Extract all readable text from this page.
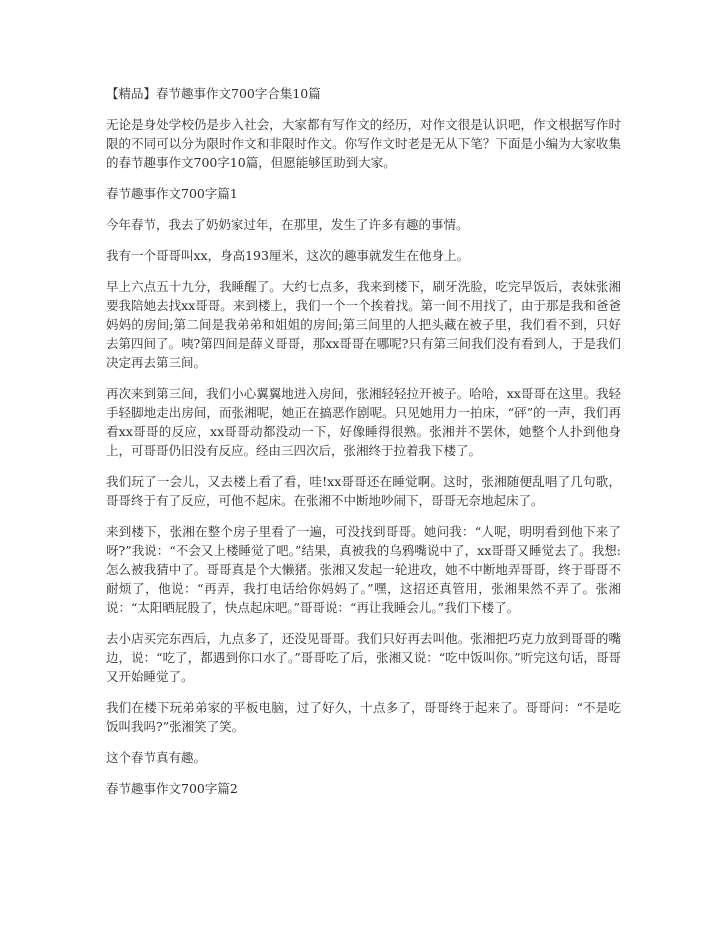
【精品】春节趣事作文700字合集10篇
无论是身处学校仍是步入社会，大家都有写作文的经历，对作文很是认识吧，作文根据写作时限的不同可以分为限时作文和非限时作文。你写作文时老是无从下笔？下面是小编为大家收集的春节趣事作文700字10篇，但愿能够匡助到大家。
春节趣事作文700字篇1
今年春节，我去了奶奶家过年，在那里，发生了许多有趣的事情。
我有一个哥哥叫xx，身高193厘米，这次的趣事就发生在他身上。
早上六点五十九分，我睡醒了。大约七点多，我来到楼下，刷牙洗脸，吃完早饭后，表妹张湘要我陪她去找xx哥哥。来到楼上，我们一个一个挨着找。第一间不用找了，由于那是我和爸爸妈妈的房间;第二间是我弟弟和姐姐的房间;第三间里的人把头藏在被子里，我们看不到，只好去第四间了。咦?第四间是薛义哥哥，那xx哥哥在哪呢?只有第三间我们没有看到人，于是我们决定再去第三间。
再次来到第三间，我们小心翼翼地进入房间，张湘轻轻拉开被子。哈哈，xx哥哥在这里。我轻手轻脚地走出房间，而张湘呢，她正在搞恶作剧呢。只见她用力一拍床，“砰”的一声，我们再看xx哥哥的反应，xx哥哥动都没动一下，好像睡得很熟。张湘并不罢休，她整个人扑到他身上，可哥哥仍旧没有反应。经由三四次后，张湘终于拉着我下楼了。
我们玩了一会儿，又去楼上看了看，哇!xx哥哥还在睡觉啊。这时，张湘随便乱唱了几句歌，哥哥终于有了反应，可他不起床。在张湘不中断地吵闹下，哥哥无奈地起床了。
来到楼下，张湘在整个房子里看了一遍，可没找到哥哥。她问我：“人呢，明明看到他下来了呀?”我说：“不会又上楼睡觉了吧。”结果，真被我的乌鸦嘴说中了，xx哥哥又睡觉去了。我想:怎么被我猜中了。哥哥真是个大懒猪。张湘又发起一轮进攻，她不中断地弄哥哥，终于哥哥不耐烦了，他说：“再弄，我打电话给你妈妈了。”嘿，这招还真管用，张湘果然不弄了。张湘说：“太阳晒屁股了，快点起床吧。”哥哥说：“再让我睡会儿。”我们下楼了。
去小店买完东西后，九点多了，还没见哥哥。我们只好再去叫他。张湘把巧克力放到哥哥的嘴边，说：“吃了，都遇到你口水了。”哥哥吃了后，张湘又说：“吃中饭叫你。”听完这句话，哥哥又开始睡觉了。
我们在楼下玩弟弟家的平板电脑，过了好久，十点多了，哥哥终于起来了。哥哥问：“不是吃饭叫我吗?”张湘笑了笑。
这个春节真有趣。
春节趣事作文700字篇2
